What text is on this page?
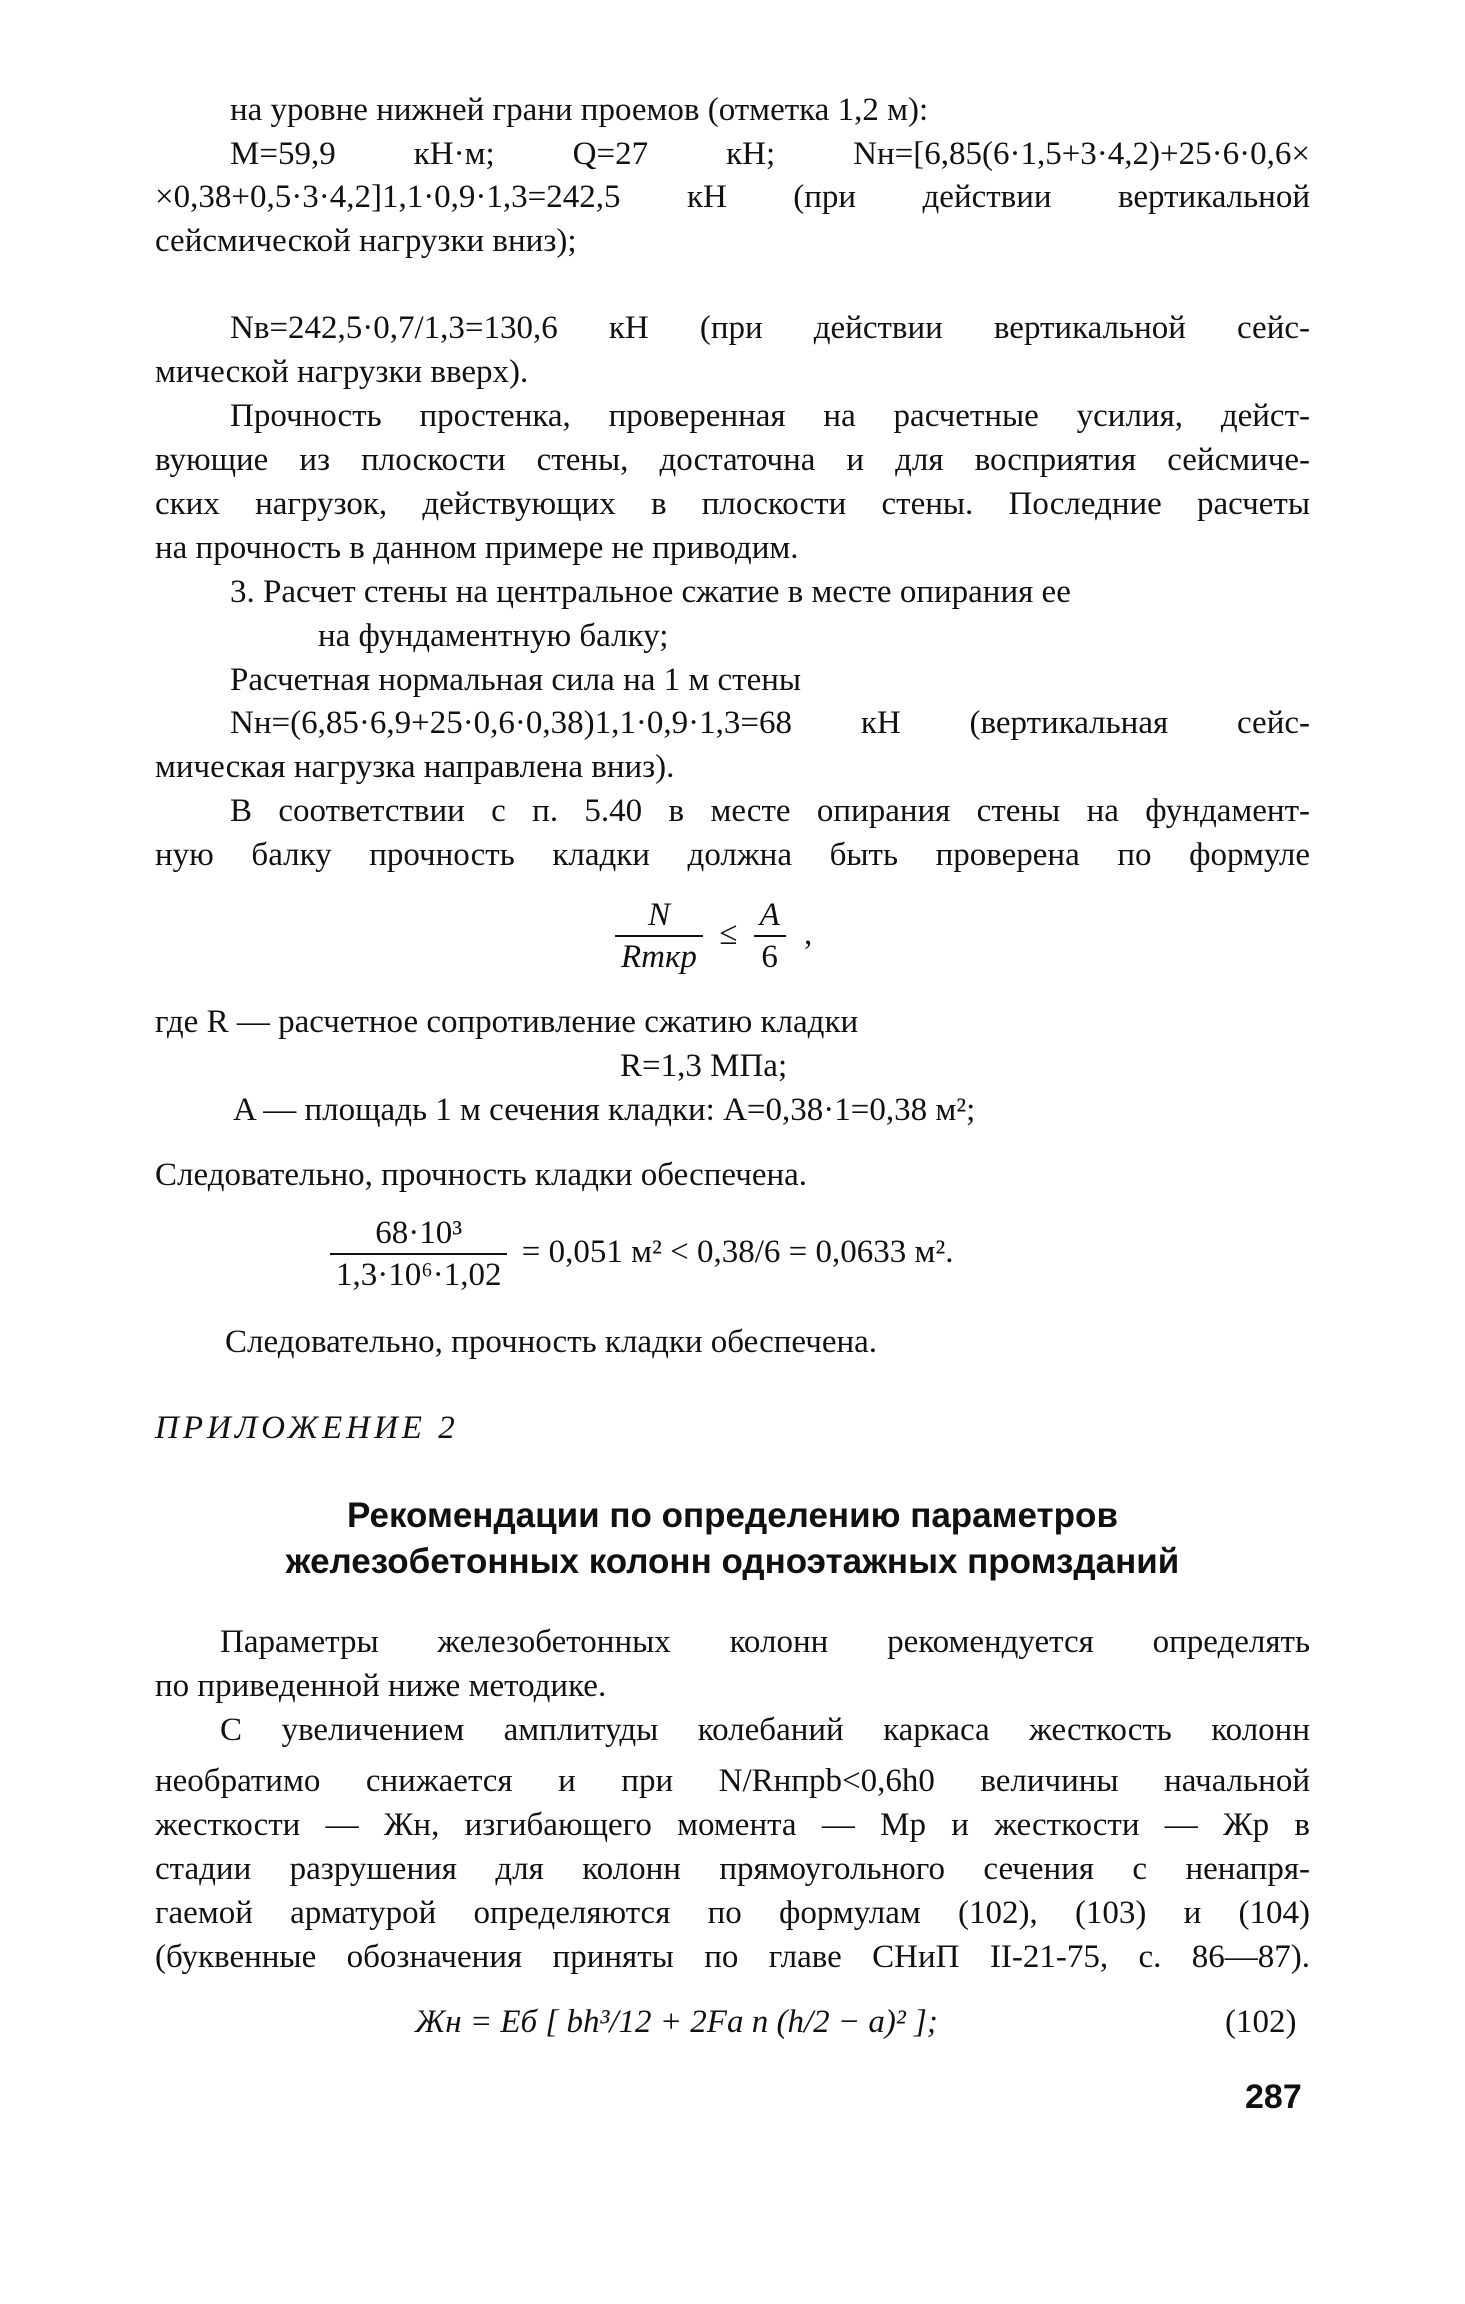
на уровне нижней грани проемов (отметка 1,2 м):
M=59,9 кН·м; Q=27 кН; Nн=[6,85(6·1,5+3·4,2)+25·6·0,6×
×0,38+0,5·3·4,2]1,1·0,9·1,3=242,5 кН (при действии вертикальной
сейсмической нагрузки вниз);
Nв=242,5·0,7/1,3=130,6 кН (при действии вертикальной сейс-
мической нагрузки вверх).
Прочность простенка, проверенная на расчетные усилия, дейст-
вующие из плоскости стены, достаточна и для восприятия сейсмиче-
ских нагрузок, действующих в плоскости стены. Последние расчеты
на прочность в данном примере не приводим.
3. Расчет стены на центральное сжатие в месте опирания ее
на фундаментную балку;
Расчетная нормальная сила на 1 м стены
Nн=(6,85·6,9+25·0,6·0,38)1,1·0,9·1,3=68 кН (вертикальная сейс-
мическая нагрузка направлена вниз).
В соответствии с п. 5.40 в месте опирания стены на фундамент-
ную балку прочность кладки должна быть проверена по формуле
$\frac{N}{\text{Rmкр}} \le \frac{A}{6}$ ,
где R — расчетное сопротивление сжатию кладки
R=1,3 МПа;
A — площадь 1 м сечения кладки: A=0,38·1=0,38 м²;
Следовательно, прочность кладки обеспечена.
$\frac{\text{68·10³}}{\text{1,3·10⁶·1,02}} = 0,051$ м² < 0,38/6 = 0,0633 м².
Следовательно, прочность кладки обеспечена.
ПРИЛОЖЕНИЕ 2
Рекомендации по определению параметров
железобетонных колонн одноэтажных промзданий
Параметры железобетонных колонн рекомендуется определять
по приведенной ниже методике.
С увеличением амплитуды колебаний каркаса жесткость колонн
необратимо снижается и при N/Rнпрb<0,6h0 величины начальной
жесткости — Жн, изгибающего момента — Mр и жесткости — Жр в
стадии разрушения для колонн прямоугольного сечения с ненапря-
гаемой арматурой определяются по формулам (102), (103) и (104)
(буквенные обозначения приняты по главе СНиП II-21-75, с. 86—87).
Жн = Eб [ bh³/12 + 2Fа n (h/2 − a)² ];	(102)
287
